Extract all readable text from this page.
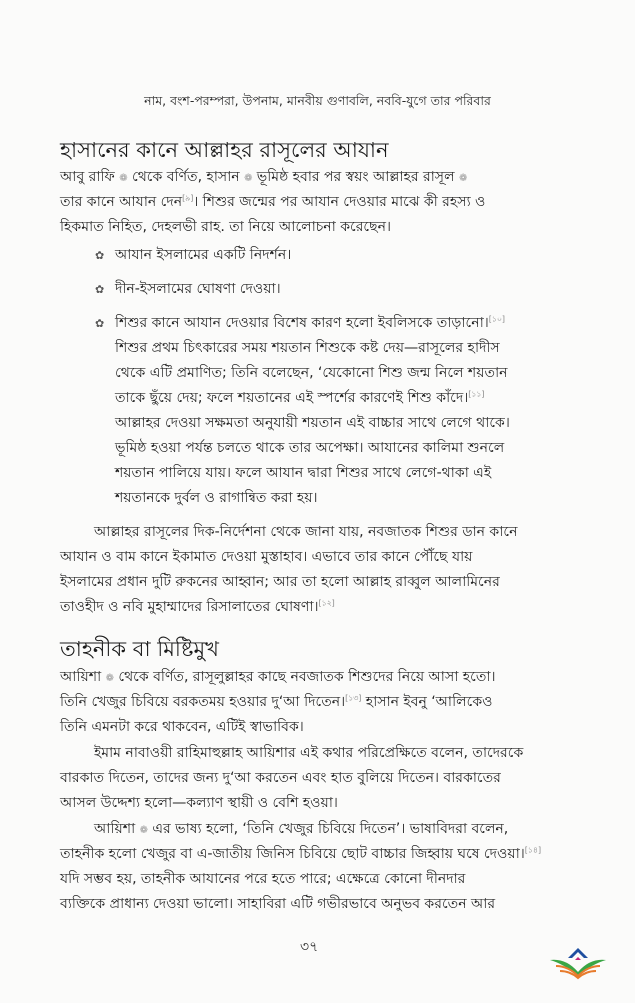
নাম, বংশ-পরম্পরা, উপনাম, মানবীয় গুণাবলি, নববি-যুগে তার পরিবার
হাসানের কানে আল্লাহর রাসূলের আযান
আবু রাফি ❁ থেকে বর্ণিত, হাসান ❁ ভূমিষ্ঠ হবার পর স্বয়ং আল্লাহর রাসূল ❁
তার কানে আযান দেন[৯]। শিশুর জন্মের পর আযান দেওয়ার মাঝে কী রহস্য ও
হিকমাত নিহিত, দেহলভী রাহ. তা নিয়ে আলোচনা করেছেন।
✿ আযান ইসলামের একটি নিদর্শন।
✿ দীন-ইসলামের ঘোষণা দেওয়া।
✿ শিশুর কানে আযান দেওয়ার বিশেষ কারণ হলো ইবলিসকে তাড়ানো।[১০]
শিশুর প্রথম চিৎকারের সময় শয়তান শিশুকে কষ্ট দেয়—রাসূলের হাদীস
থেকে এটি প্রমাণিত; তিনি বলেছেন, ‘যেকোনো শিশু জন্ম নিলে শয়তান
তাকে ছুঁয়ে দেয়; ফলে শয়তানের এই স্পর্শের কারণেই শিশু কাঁদে।[১১]
আল্লাহর দেওয়া সক্ষমতা অনুযায়ী শয়তান এই বাচ্চার সাথে লেগে থাকে।
ভূমিষ্ঠ হওয়া পর্যন্ত চলতে থাকে তার অপেক্ষা। আযানের কালিমা শুনলে
শয়তান পালিয়ে যায়। ফলে আযান দ্বারা শিশুর সাথে লেগে-থাকা এই
শয়তানকে দুর্বল ও রাগান্বিত করা হয়।
আল্লাহর রাসূলের দিক-নির্দেশনা থেকে জানা যায়, নবজাতক শিশুর ডান কানে
আযান ও বাম কানে ইকামাত দেওয়া মুস্তাহাব। এভাবে তার কানে পৌঁছে যায়
ইসলামের প্রধান দুটি রুকনের আহ্বান; আর তা হলো আল্লাহ রাব্বুল আলামিনের
তাওহীদ ও নবি মুহাম্মাদের রিসালাতের ঘোষণা।[১২]
তাহনীক বা মিষ্টিমুখ
আয়িশা ❁ থেকে বর্ণিত, রাসূলুল্লাহর কাছে নবজাতক শিশুদের নিয়ে আসা হতো।
তিনি খেজুর চিবিয়ে বরকতময় হওয়ার দু‘আ দিতেন।[১৩] হাসান ইবনু ‘আলিকেও
তিনি এমনটা করে থাকবেন, এটিই স্বাভাবিক।
ইমাম নাবাওয়ী রাহিমাহুল্লাহ আয়িশার এই কথার পরিপ্রেক্ষিতে বলেন, তাদেরকে
বারকাত দিতেন, তাদের জন্য দু‘আ করতেন এবং হাত বুলিয়ে দিতেন। বারকাতের
আসল উদ্দেশ্য হলো—কল্যাণ স্থায়ী ও বেশি হওয়া।
আয়িশা ❁ এর ভাষ্য হলো, ‘তিনি খেজুর চিবিয়ে দিতেন’। ভাষাবিদরা বলেন,
তাহনীক হলো খেজুর বা এ-জাতীয় জিনিস চিবিয়ে ছোট বাচ্চার জিহ্বায় ঘষে দেওয়া।[১৪]
যদি সম্ভব হয়, তাহনীক আযানের পরে হতে পারে; এক্ষেত্রে কোনো দীনদার
ব্যক্তিকে প্রাধান্য দেওয়া ভালো। সাহাবিরা এটি গভীরভাবে অনুভব করতেন আর
৩৭
